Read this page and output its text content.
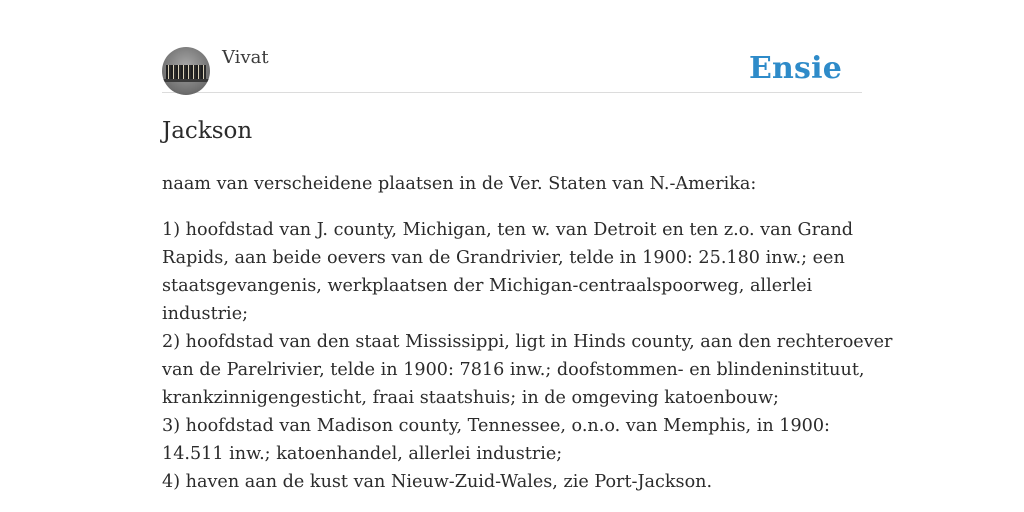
Vivat	Ensie
Jackson

naam van verscheidene plaatsen in de Ver. Staten van N.-Amerika:

1) hoofdstad van J. county, Michigan, ten w. van Detroit en ten z.o. van Grand
Rapids, aan beide oevers van de Grandrivier, telde in 1900: 25.180 inw.; een
staatsgevangenis, werkplaatsen der Michigan-centraalspoorweg, allerlei
industrie;
2) hoofdstad van den staat Mississippi, ligt in Hinds county, aan den rechteroever
van de Parelrivier, telde in 1900: 7816 inw.; doofstommen- en blindeninstituut,
krankzinnigengesticht, fraai staatshuis; in de omgeving katoenbouw;
3) hoofdstad van Madison county, Tennessee, o.n.o. van Memphis, in 1900:
14.511 inw.; katoenhandel, allerlei industrie;
4) haven aan de kust van Nieuw-Zuid-Wales, zie Port-Jackson.
